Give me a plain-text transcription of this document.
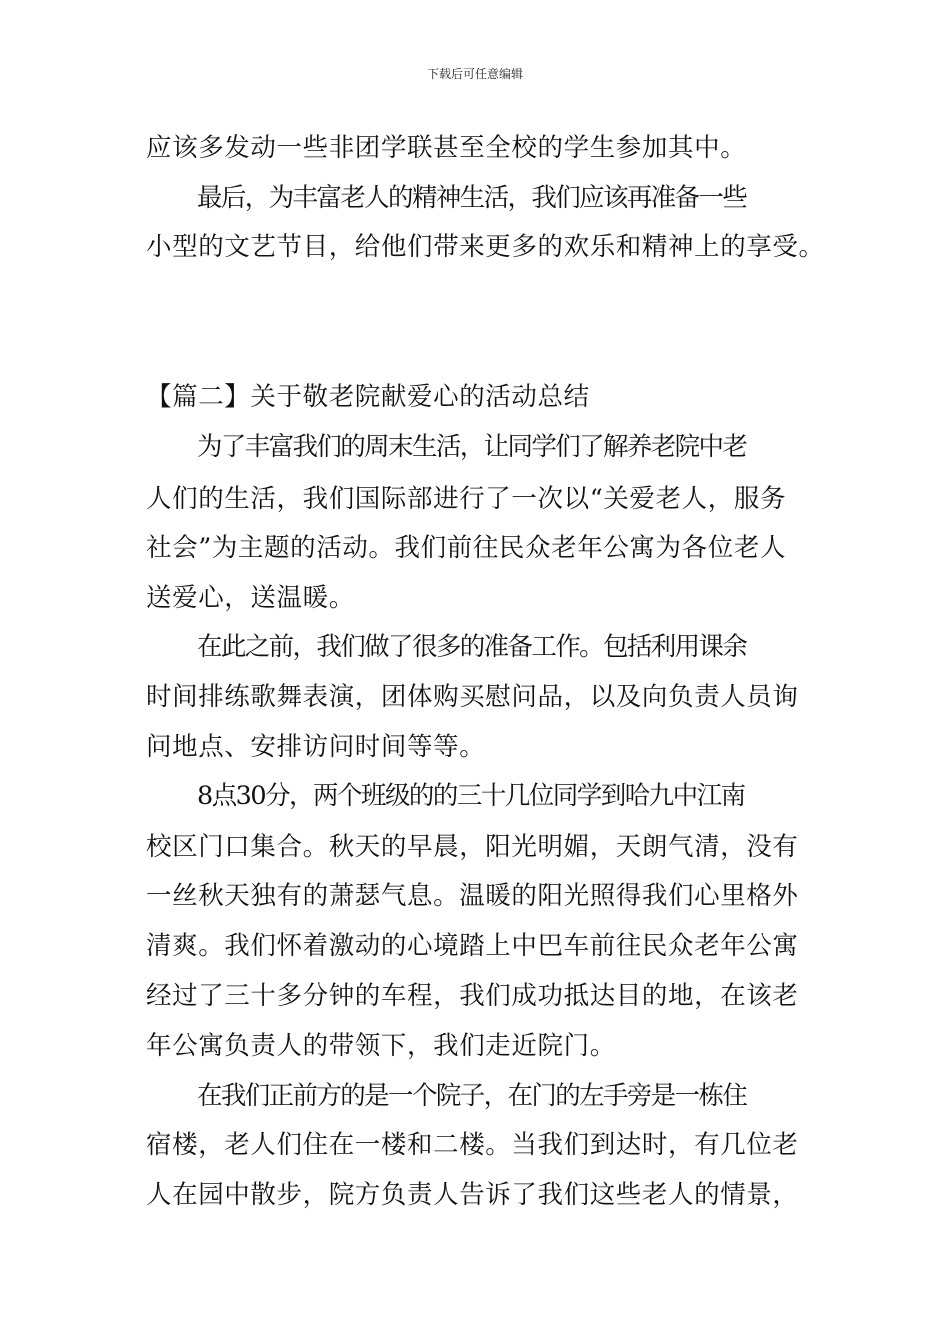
下载后可任意编辑
应该多发动一些非团学联甚至全校的学生参加其中。
最后，为丰富老人的精神生活，我们应该再准备一些
小型的文艺节目，给他们带来更多的欢乐和精神上的享受。
【篇二】关于敬老院献爱心的活动总结
为了丰富我们的周末生活，让同学们了解养老院中老
人们的生活，我们国际部进行了一次以“关爱老人，服务
社会”为主题的活动。我们前往民众老年公寓为各位老人
送爱心，送温暖。
在此之前，我们做了很多的准备工作。包括利用课余
时间排练歌舞表演，团体购买慰问品，以及向负责人员询
问地点、安排访问时间等等。
8点30分，两个班级的的三十几位同学到哈九中江南
校区门口集合。秋天的早晨，阳光明媚，天朗气清，没有
一丝秋天独有的萧瑟气息。温暖的阳光照得我们心里格外
清爽。我们怀着激动的心境踏上中巴车前往民众老年公寓
经过了三十多分钟的车程，我们成功抵达目的地，在该老
年公寓负责人的带领下，我们走近院门。
在我们正前方的是一个院子，在门的左手旁是一栋住
宿楼，老人们住在一楼和二楼。当我们到达时，有几位老
人在园中散步，院方负责人告诉了我们这些老人的情景，
